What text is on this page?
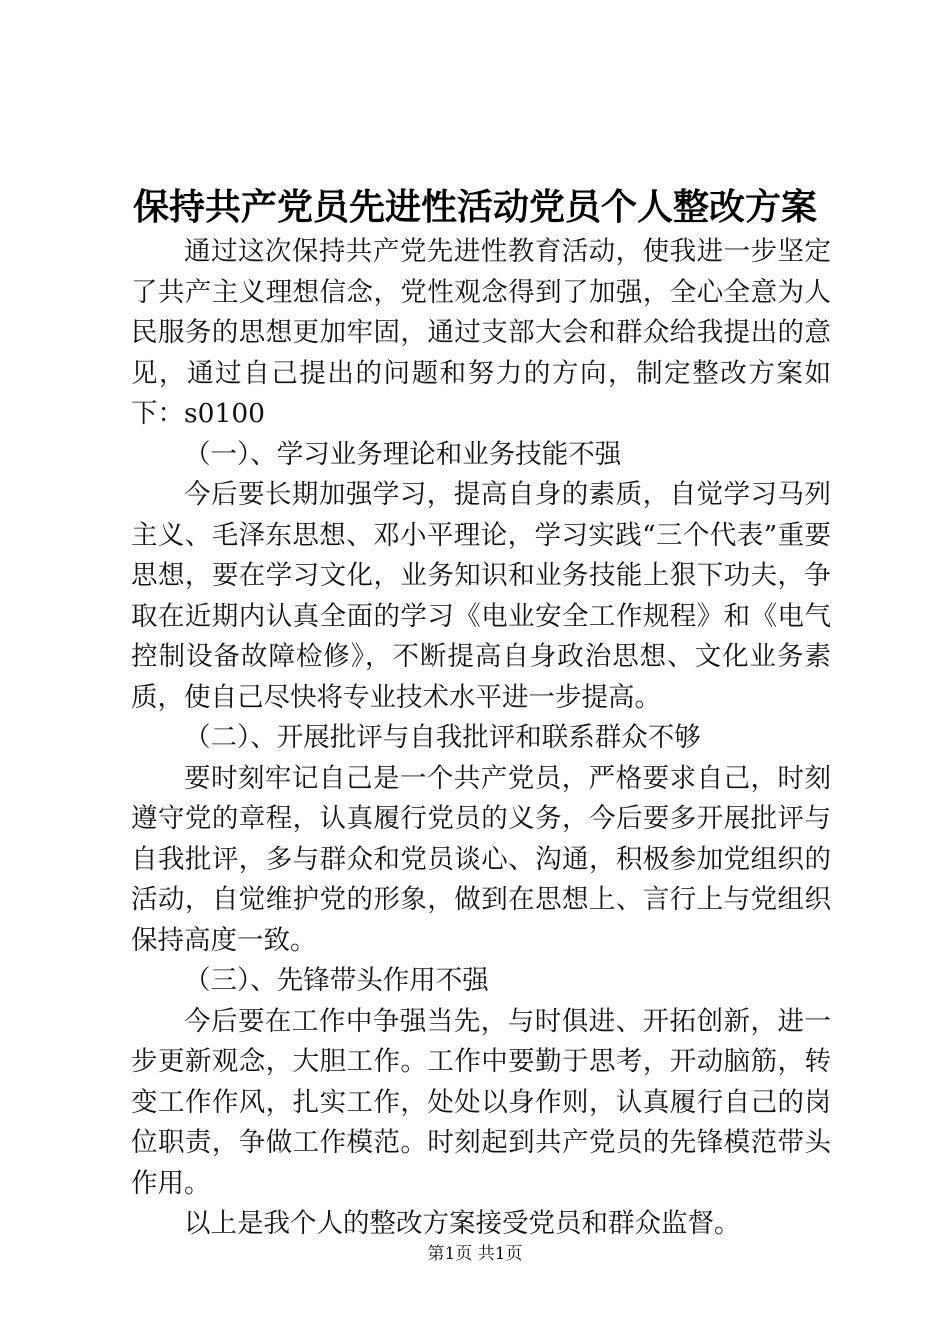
保持共产党员先进性活动党员个人整改方案

通过这次保持共产党先进性教育活动，使我进一步坚定了共产主义理想信念，党性观念得到了加强，全心全意为人民服务的思想更加牢固，通过支部大会和群众给我提出的意见，通过自己提出的问题和努力的方向，制定整改方案如下：s0100

（一）、学习业务理论和业务技能不强

今后要长期加强学习，提高自身的素质，自觉学习马列主义、毛泽东思想、邓小平理论，学习实践“三个代表”重要思想，要在学习文化，业务知识和业务技能上狠下功夫，争取在近期内认真全面的学习《电业安全工作规程》和《电气控制设备故障检修》，不断提高自身政治思想、文化业务素质，使自己尽快将专业技术水平进一步提高。

（二）、开展批评与自我批评和联系群众不够

要时刻牢记自己是一个共产党员，严格要求自己，时刻遵守党的章程，认真履行党员的义务，今后要多开展批评与自我批评，多与群众和党员谈心、沟通，积极参加党组织的活动，自觉维护党的形象，做到在思想上、言行上与党组织保持高度一致。

（三）、先锋带头作用不强

今后要在工作中争强当先，与时俱进、开拓创新，进一步更新观念，大胆工作。工作中要勤于思考，开动脑筋，转变工作作风，扎实工作，处处以身作则，认真履行自己的岗位职责，争做工作模范。时刻起到共产党员的先锋模范带头作用。

以上是我个人的整改方案接受党员和群众监督。

第1页 共1页
